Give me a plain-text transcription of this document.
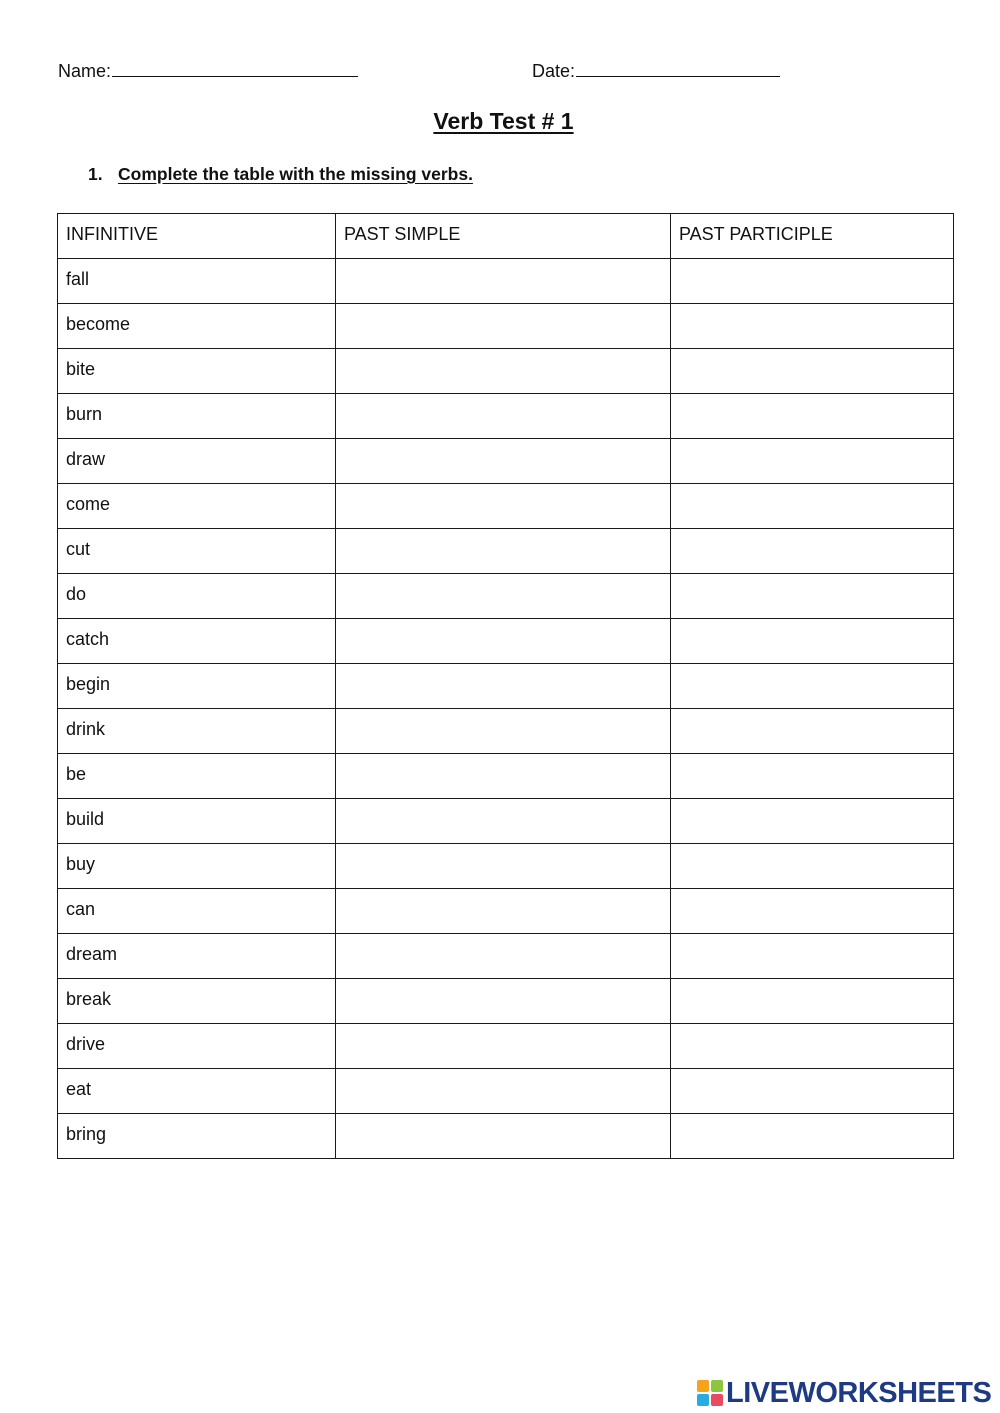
Name:	Date:
Verb Test # 1
1. Complete the table with the missing verbs.
INFINITIVE	PAST SIMPLE	PAST PARTICIPLE

fall		

become		

bite		

burn		

draw		

come		

cut		

do		

catch		

begin		

drink		

be		

build		

buy		

can		

dream		

break		

drive		

eat		

bring		

LIVEWORKSHEETS
